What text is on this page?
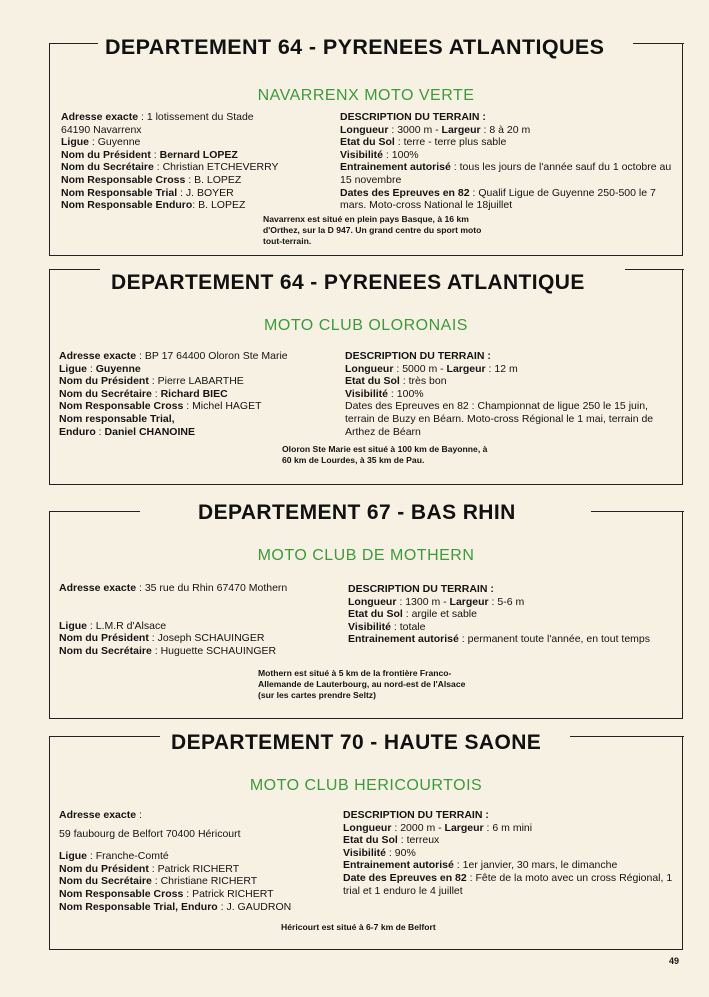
DEPARTEMENT 64 - PYRENEES ATLANTIQUES
NAVARRENX MOTO VERTE
Adresse exacte : 1 lotissement du Stade
64190 Navarrenx
Ligue : Guyenne
Nom du Président : Bernard LOPEZ
Nom du Secrétaire : Christian ETCHEVERRY
Nom Responsable Cross : B. LOPEZ
Nom Responsable Trial : J. BOYER
Nom Responsable Enduro: B. LOPEZ
DESCRIPTION DU TERRAIN :
Longueur : 3000 m - Largeur : 8 à 20 m
Etat du Sol : terre - terre plus sable
Visibilité : 100%
Entrainement autorisé : tous les jours de l'année sauf du 1 octobre au 15 novembre
Dates des Epreuves en 82 : Qualif Ligue de Guyenne 250-500 le 7 mars. Moto-cross National le 18juillet
Navarrenx est situé en plein pays Basque, à 16 km d'Orthez, sur la D 947. Un grand centre du sport moto tout-terrain.
DEPARTEMENT 64 - PYRENEES ATLANTIQUE
MOTO CLUB OLORONAIS
Adresse exacte : BP 17 64400 Oloron Ste Marie
Ligue : Guyenne
Nom du Président : Pierre LABARTHE
Nom du Secrétaire : Richard BIEC
Nom Responsable Cross : Michel HAGET
Nom responsable Trial,
Enduro : Daniel CHANOINE
DESCRIPTION DU TERRAIN :
Longueur : 5000 m - Largeur : 12 m
Etat du Sol : très bon
Visibilité : 100%
Dates des Epreuves en 82 : Championnat de ligue 250 le 15 juin, terrain de Buzy en Béarn. Moto-cross Régional le 1 mai, terrain de Arthez de Béarn
Oloron Ste Marie est situé à 100 km de Bayonne, à 60 km de Lourdes, à 35 km de Pau.
DEPARTEMENT 67 - BAS RHIN
MOTO CLUB DE MOTHERN
Adresse exacte : 35 rue du Rhin 67470 Mothern
Ligue : L.M.R d'Alsace
Nom du Président : Joseph SCHAUINGER
Nom du Secrétaire : Huguette SCHAUINGER
DESCRIPTION DU TERRAIN :
Longueur : 1300 m - Largeur : 5-6 m
Etat du Sol : argile et sable
Visibilité : totale
Entrainement autorisé : permanent toute l'année, en tout temps
Mothern est situé à 5 km de la frontière Franco-Allemande de Lauterbourg, au nord-est de l'Alsace (sur les cartes prendre Seltz)
DEPARTEMENT 70 - HAUTE SAONE
MOTO CLUB HERICOURTOIS
Adresse exacte :
59 faubourg de Belfort 70400 Héricourt
Ligue : Franche-Comté
Nom du Président : Patrick RICHERT
Nom du Secrétaire : Christiane RICHERT
Nom Responsable Cross : Patrick RICHERT
Nom Responsable Trial, Enduro : J. GAUDRON
DESCRIPTION DU TERRAIN :
Longueur : 2000 m - Largeur : 6 m mini
Etat du Sol : terreux
Visibilité : 90%
Entrainement autorisé : 1er janvier, 30 mars, le dimanche
Date des Epreuves en 82 : Fête de la moto avec un cross Régional, 1 trial et 1 enduro le 4 juillet
Héricourt est situé à 6-7 km de Belfort
49
